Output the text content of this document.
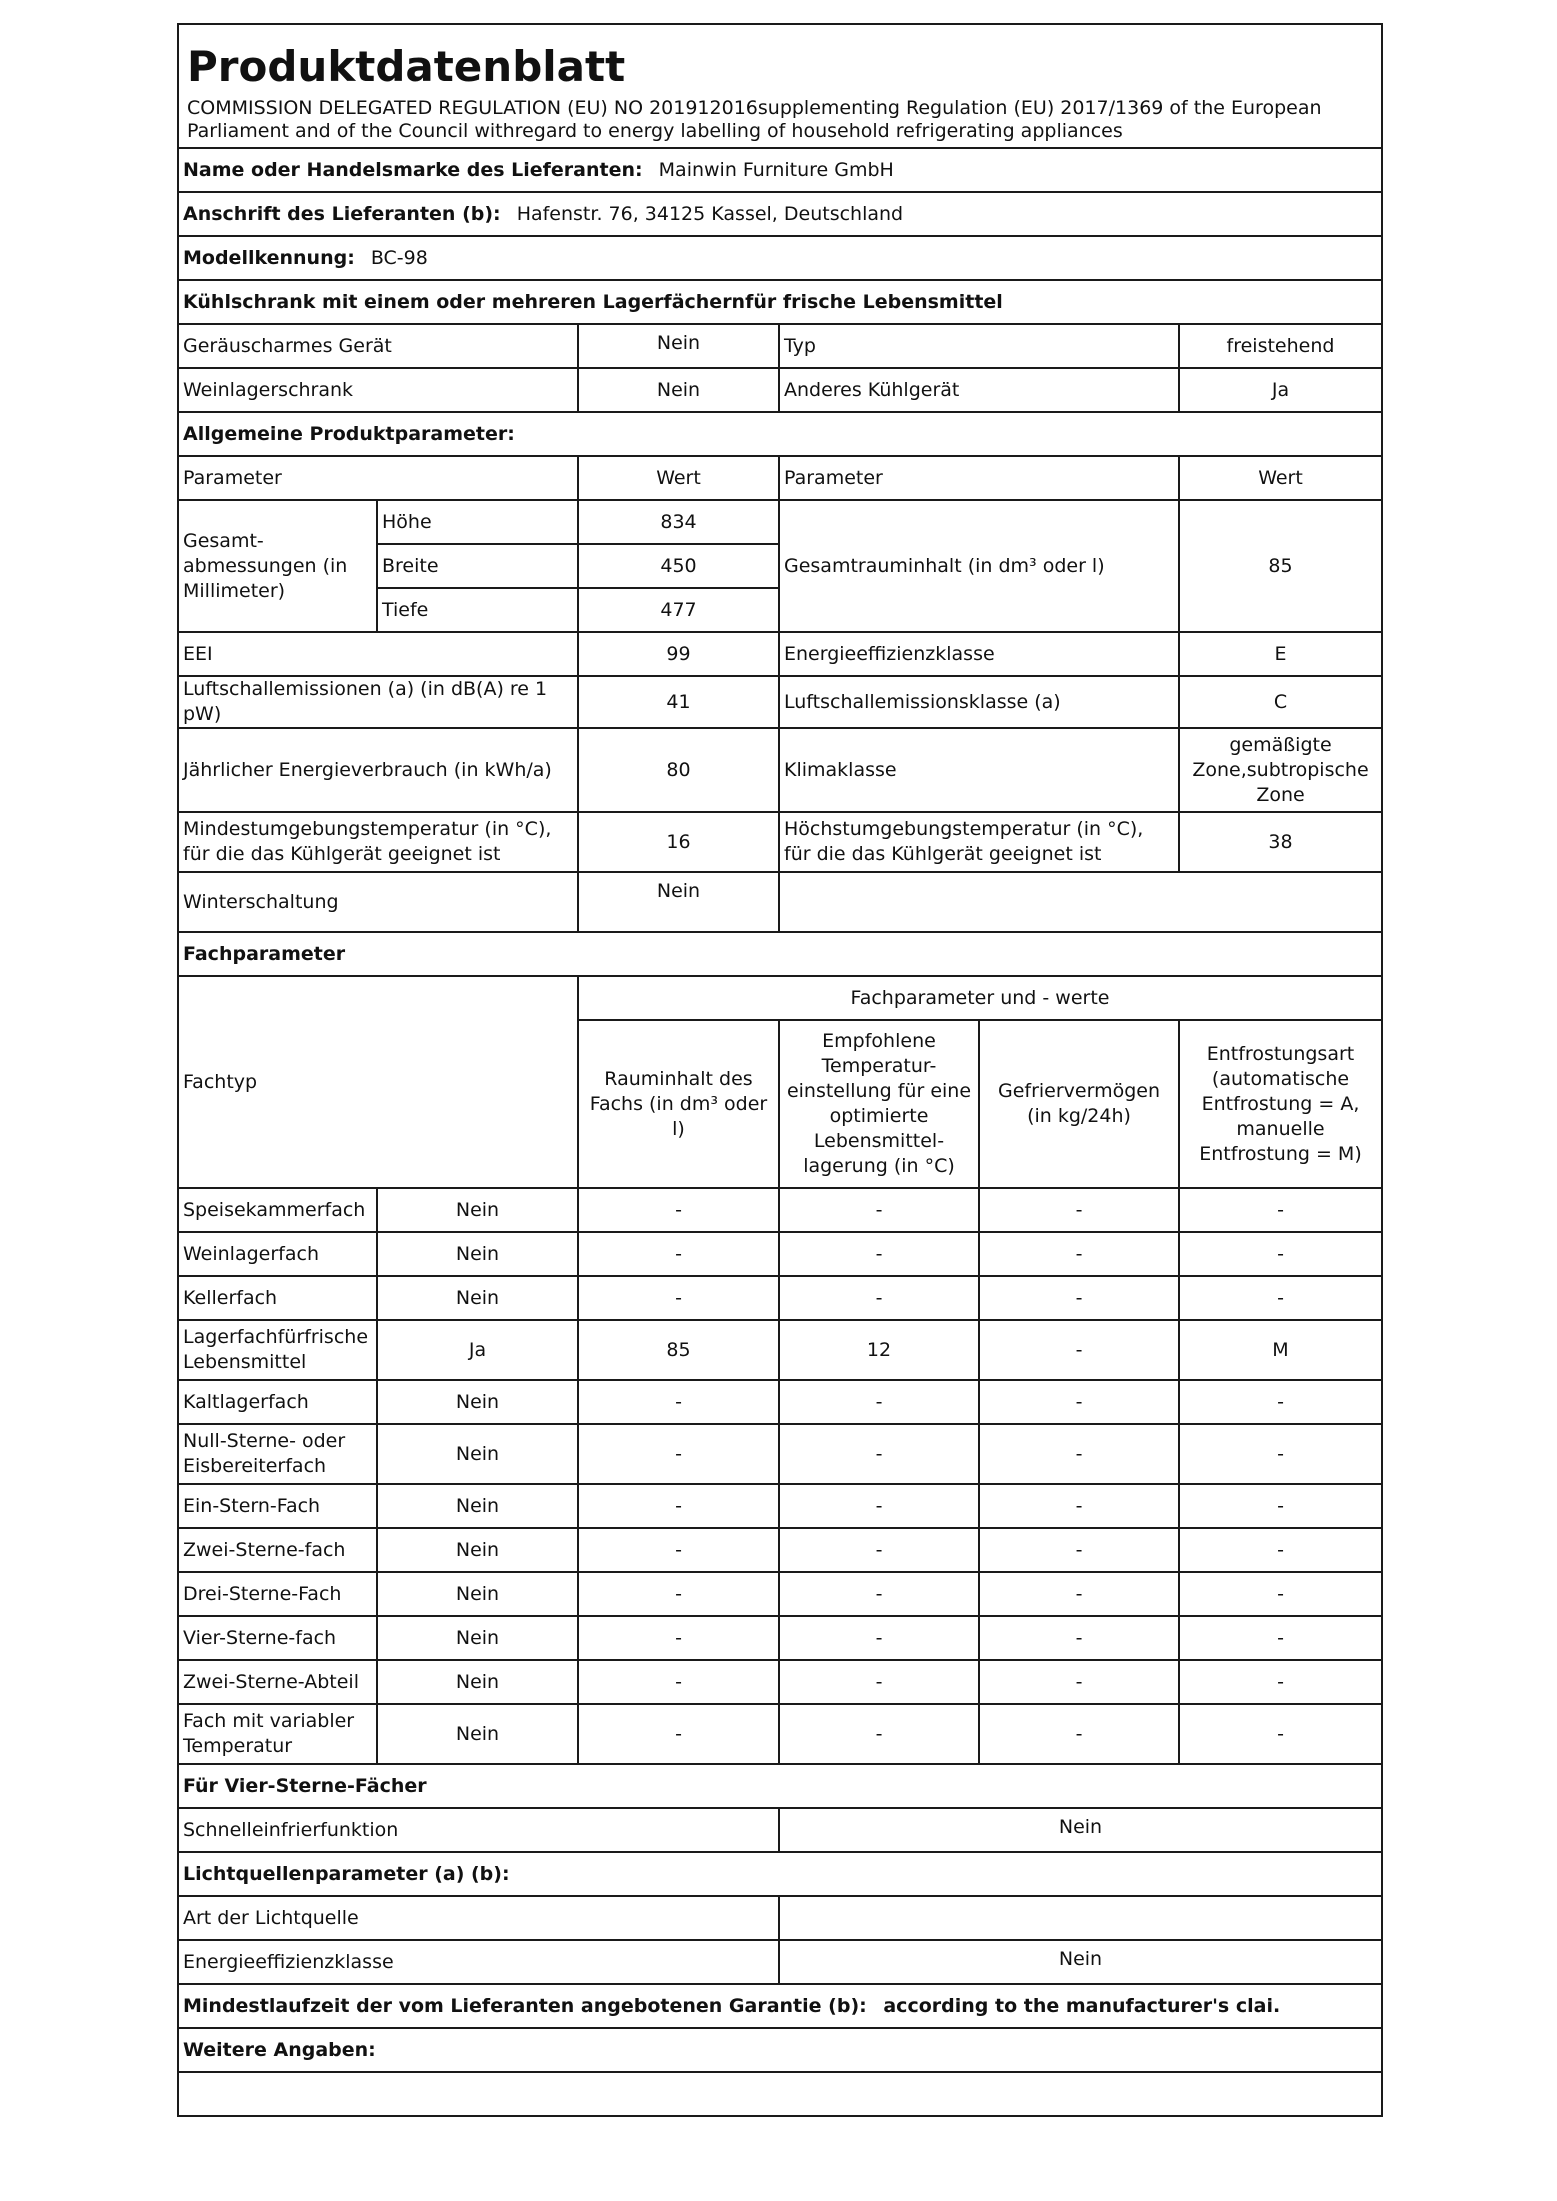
Produktdatenblatt
COMMISSION DELEGATED REGULATION (EU) NO 201912016supplementing Regulation (EU) 2017/1369 of the European Parliament and of the Council withregard to energy labelling of household refrigerating appliances					

Name oder Handelsmarke des Lieferanten: Mainwin Furniture GmbH					
Anschrift des Lieferanten (b): Hafenstr. 76, 34125 Kassel, Deutschland					
Modellkennung: BC-98					
Kühlschrank mit einem oder mehreren Lagerfächernfür frische Lebensmittel					
Geräuscharmes Gerät		Nein	Typ		freistehend
Weinlagerschrank		Nein	Anderes Kühlgerät		Ja
Allgemeine Produktparameter:					
Parameter		Wert	Parameter		Wert
Gesamt-abmessungen (in Millimeter)	Höhe	834	Gesamtrauminhalt (in dm³ oder l)		85
	Breite	450			
	Tiefe	477			
EEI		99	Energieeffizienzklasse		E
Luftschallemissionen (a) (in dB(A) re 1 pW)		41	Luftschallemissionsklasse (a)		C
Jährlicher Energieverbrauch (in kWh/a)		80	Klimaklasse		gemäßigte Zone,subtropische Zone
Mindestumgebungstemperatur (in °C), für die das Kühlgerät geeignet ist		16	Höchstumgebungstemperatur (in °C), für die das Kühlgerät geeignet ist		38
Winterschaltung		Nein			
Fachparameter					
Fachtyp		Fachparameter und - werte			
		Rauminhalt des Fachs (in dm³ oder l)	Empfohlene Temperatur-einstellung für eine optimierte Lebensmittel-lagerung (in °C)	Gefriervermögen (in kg/24h)	Entfrostungsart (automatische Entfrostung = A, manuelle Entfrostung = M)
Speisekammerfach	Nein	-	-	-	-
Weinlagerfach	Nein	-	-	-	-
Kellerfach	Nein	-	-	-	-
Lagerfachfürfrische Lebensmittel	Ja	85	12	-	M
Kaltlagerfach	Nein	-	-	-	-
Null-Sterne- oder Eisbereiterfach	Nein	-	-	-	-
Ein-Stern-Fach	Nein	-	-	-	-
Zwei-Sterne-fach	Nein	-	-	-	-
Drei-Sterne-Fach	Nein	-	-	-	-
Vier-Sterne-fach	Nein	-	-	-	-
Zwei-Sterne-Abteil	Nein	-	-	-	-
Fach mit variabler Temperatur	Nein	-	-	-	-
Für Vier-Sterne-Fächer					
Schnelleinfrierfunktion			Nein		
Lichtquellenparameter (a) (b):					
Art der Lichtquelle					
Energieeffizienzklasse			Nein		
Mindestlaufzeit der vom Lieferanten angebotenen Garantie (b): according to the manufacturer's clai.					
Weitere Angaben:					
